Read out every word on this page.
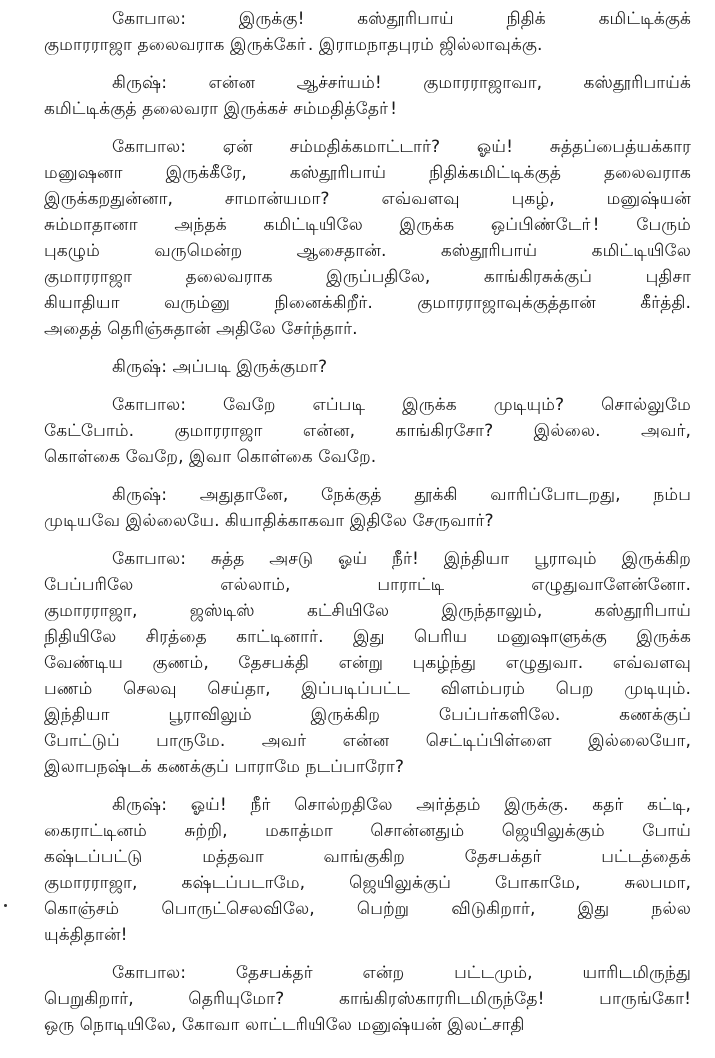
கோபால: இருக்கு! கஸ்தூரிபாய் நிதிக் கமிட்டிக்குக்
குமாரராஜா தலைவராக இருக்கோ். இராமநாதபுரம் ஜில்லாவுக்கு.
கிருஷ்: என்ன ஆச்சர்யம்! குமாரராஜாவா, கஸ்தூரிபாய்க்
கமிட்டிக்குத் தலைவரா இருக்கச் சம்மதித்தோ்!
கோபால: ஏன் சம்மதிக்கமாட்டார்? ஓய்! சுத்தப்பைத்யக்கார
மனுஷனா இருக்கீரே, கஸ்தூரிபாய் நிதிக்கமிட்டிக்குத் தலைவராக
இருக்கறதுன்னா, சாமான்யமா? எவ்வளவு புகழ், மனுஷ்யன்
சும்மாதானா அந்தக் கமிட்டியிலே இருக்க ஒப்பிண்டோ்! பேரும்
புகழும் வருமென்ற ஆசைதான். கஸ்தூரிபாய் கமிட்டியிலே
குமாரராஜா தலைவராக இருப்பதிலே, காங்கிரசுக்குப் புதிசா
கியாதியா வரும்னு நினைக்கிறீர். குமாரராஜாவுக்குத்தான் கீர்த்தி.
அதைத் தெரிஞ்சுதான் அதிலே சேர்ந்தார்.
கிருஷ்: அப்படி இருக்குமா?
கோபால: வேறே எப்படி இருக்க முடியும்? சொல்லுமே
கேட்போம். குமாரராஜா என்ன, காங்கிரசோ? இல்லை. அவர்,
கொள்கை வேறே, இவா கொள்கை வேறே.
கிருஷ்: அதுதானே, நேக்குத் தூக்கி வாரிப்போடறது, நம்ப
முடியவே இல்லையே. கியாதிக்காகவா இதிலே சேருவார்?
கோபால: சுத்த அசடு ஓய் நீர்! இந்தியா பூராவும் இருக்கிற
பேப்பரிலே எல்லாம், பாராட்டி எழுதுவாளேன்னோ.
குமாரராஜா, ஜஸ்டிஸ் கட்சியிலே இருந்தாலும், கஸ்தூரிபாய்
நிதியிலே சிரத்தை காட்டினார். இது பெரிய மனுஷாளுக்கு இருக்க
வேண்டிய குணம், தேசபக்தி என்று புகழ்ந்து எழுதுவா. எவ்வளவு
பணம் செலவு செய்தா, இப்படிப்பட்ட விளம்பரம் பெற முடியும்.
இந்தியா பூராவிலும் இருக்கிற பேப்பர்களிலே. கணக்குப்
போட்டுப் பாருமே. அவர் என்ன செட்டிப்பிள்ளை இல்லையோ,
இலாபநஷ்டக் கணக்குப் பாராமே நடப்பாரோ?
கிருஷ்: ஓய்! நீர் சொல்றதிலே அர்த்தம் இருக்கு. கதர் கட்டி,
கைராட்டினம் சுற்றி, மகாத்மா சொன்னதும் ஜெயிலுக்கும் போய்
கஷ்டப்பட்டு மத்தவா வாங்குகிற தேசபக்தர் பட்டத்தைக்
குமாரராஜா, கஷ்டப்படாமே, ஜெயிலுக்குப் போகாமே, சுலபமா,
கொஞ்சம் பொருட்செலவிலே, பெற்று விடுகிறார், இது நல்ல
யுக்திதான்!
கோபால: தேசபக்தர் என்ற பட்டமும், யாரிடமிருந்து
பெறுகிறார், தெரியுமோ? காங்கிரஸ்காரரிடமிருந்தே! பாருங்கோ!
ஒரு நொடியிலே, கோவா லாட்டரியிலே மனுஷ்யன் இலட்சாதி
